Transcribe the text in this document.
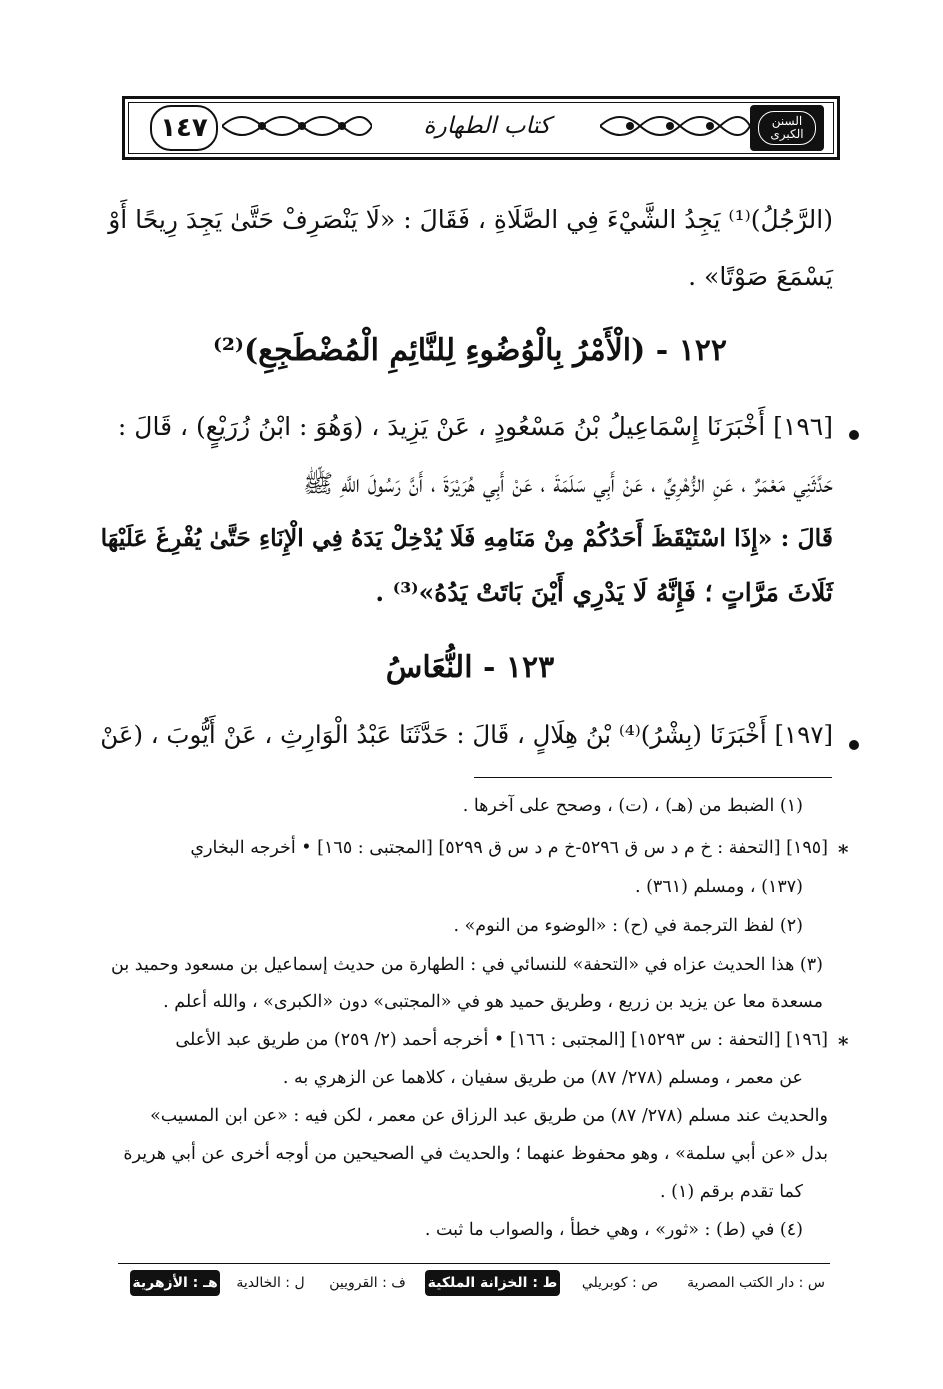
١٤٧	كتاب الطهارة	السنن الكبرى
(الرَّجُلُ)⁽¹⁾ يَجِدُ الشَّيْءَ فِي الصَّلَاةِ ، فَقَالَ : «لَا يَنْصَرِفْ حَتَّىٰ يَجِدَ رِيحًا أَوْ
يَسْمَعَ صَوْتًا» .
١٢٢ - (الْأَمْرُ بِالْوُضُوءِ لِلنَّائِمِ الْمُضْطَجِعِ)⁽²⁾
[١٩٦] أَخْبَرَنَا إِسْمَاعِيلُ بْنُ مَسْعُودٍ ، عَنْ يَزِيدَ ، (وَهُوَ : ابْنُ زُرَيْعٍ) ، قَالَ :
حَدَّثَنِي مَعْمَرٌ ، عَنِ الزُّهْرِيِّ ، عَنْ أَبِي سَلَمَةَ ، عَنْ أَبِي هُرَيْرَةَ ، أَنَّ رَسُولَ اللَّهِ ﷺ
قَالَ : «إِذَا اسْتَيْقَظَ أَحَدُكُمْ مِنْ مَنَامِهِ فَلَا يُدْخِلْ يَدَهُ فِي الْإِنَاءِ حَتَّىٰ يُفْرِغَ عَلَيْهَا
ثَلَاثَ مَرَّاتٍ ؛ فَإِنَّهُ لَا يَدْرِي أَيْنَ بَاتَتْ يَدُهُ»⁽³⁾ .
١٢٣ - النُّعَاسُ
[١٩٧] أَخْبَرَنَا (بِشْرُ)⁽⁴⁾ بْنُ هِلَالٍ ، قَالَ : حَدَّثَنَا عَبْدُ الْوَارِثِ ، عَنْ أَيُّوبَ ، (عَنْ
(١) الضبط من (هـ) ، (ت) ، وصحح على آخرها .
*
[١٩٥] [التحفة : خ م د س ق ٥٢٩٦-خ م د س ق ٥٢٩٩] [المجتبى : ١٦٥] • أخرجه البخاري
(١٣٧) ، ومسلم (٣٦١) .
(٢) لفظ الترجمة في (ح) : «الوضوء من النوم» .
(٣) هذا الحديث عزاه في «التحفة» للنسائي في : الطهارة من حديث إسماعيل بن مسعود وحميد بن
مسعدة معا عن يزيد بن زريع ، وطريق حميد هو في «المجتبى» دون «الكبرى» ، والله أعلم .
*
[١٩٦] [التحفة : س ١٥٢٩٣] [المجتبى : ١٦٦] • أخرجه أحمد (٢/ ٢٥٩) من طريق عبد الأعلى
عن معمر ، ومسلم (٢٧٨/ ٨٧) من طريق سفيان ، كلاهما عن الزهري به .
والحديث عند مسلم (٢٧٨/ ٨٧) من طريق عبد الرزاق عن معمر ، لكن فيه : «عن ابن المسيب»
بدل «عن أبي سلمة» ، وهو محفوظ عنهما ؛ والحديث في الصحيحين من أوجه أخرى عن أبي هريرة
كما تقدم برقم (١) .
(٤) في (ط) : «ثور» ، وهي خطأ ، والصواب ما ثبت .
س : دار الكتب المصرية
ص : كوبريلي
ط : الخزانة الملكية
ف : القرويين
ل : الخالدية
هـ : الأزهرية
